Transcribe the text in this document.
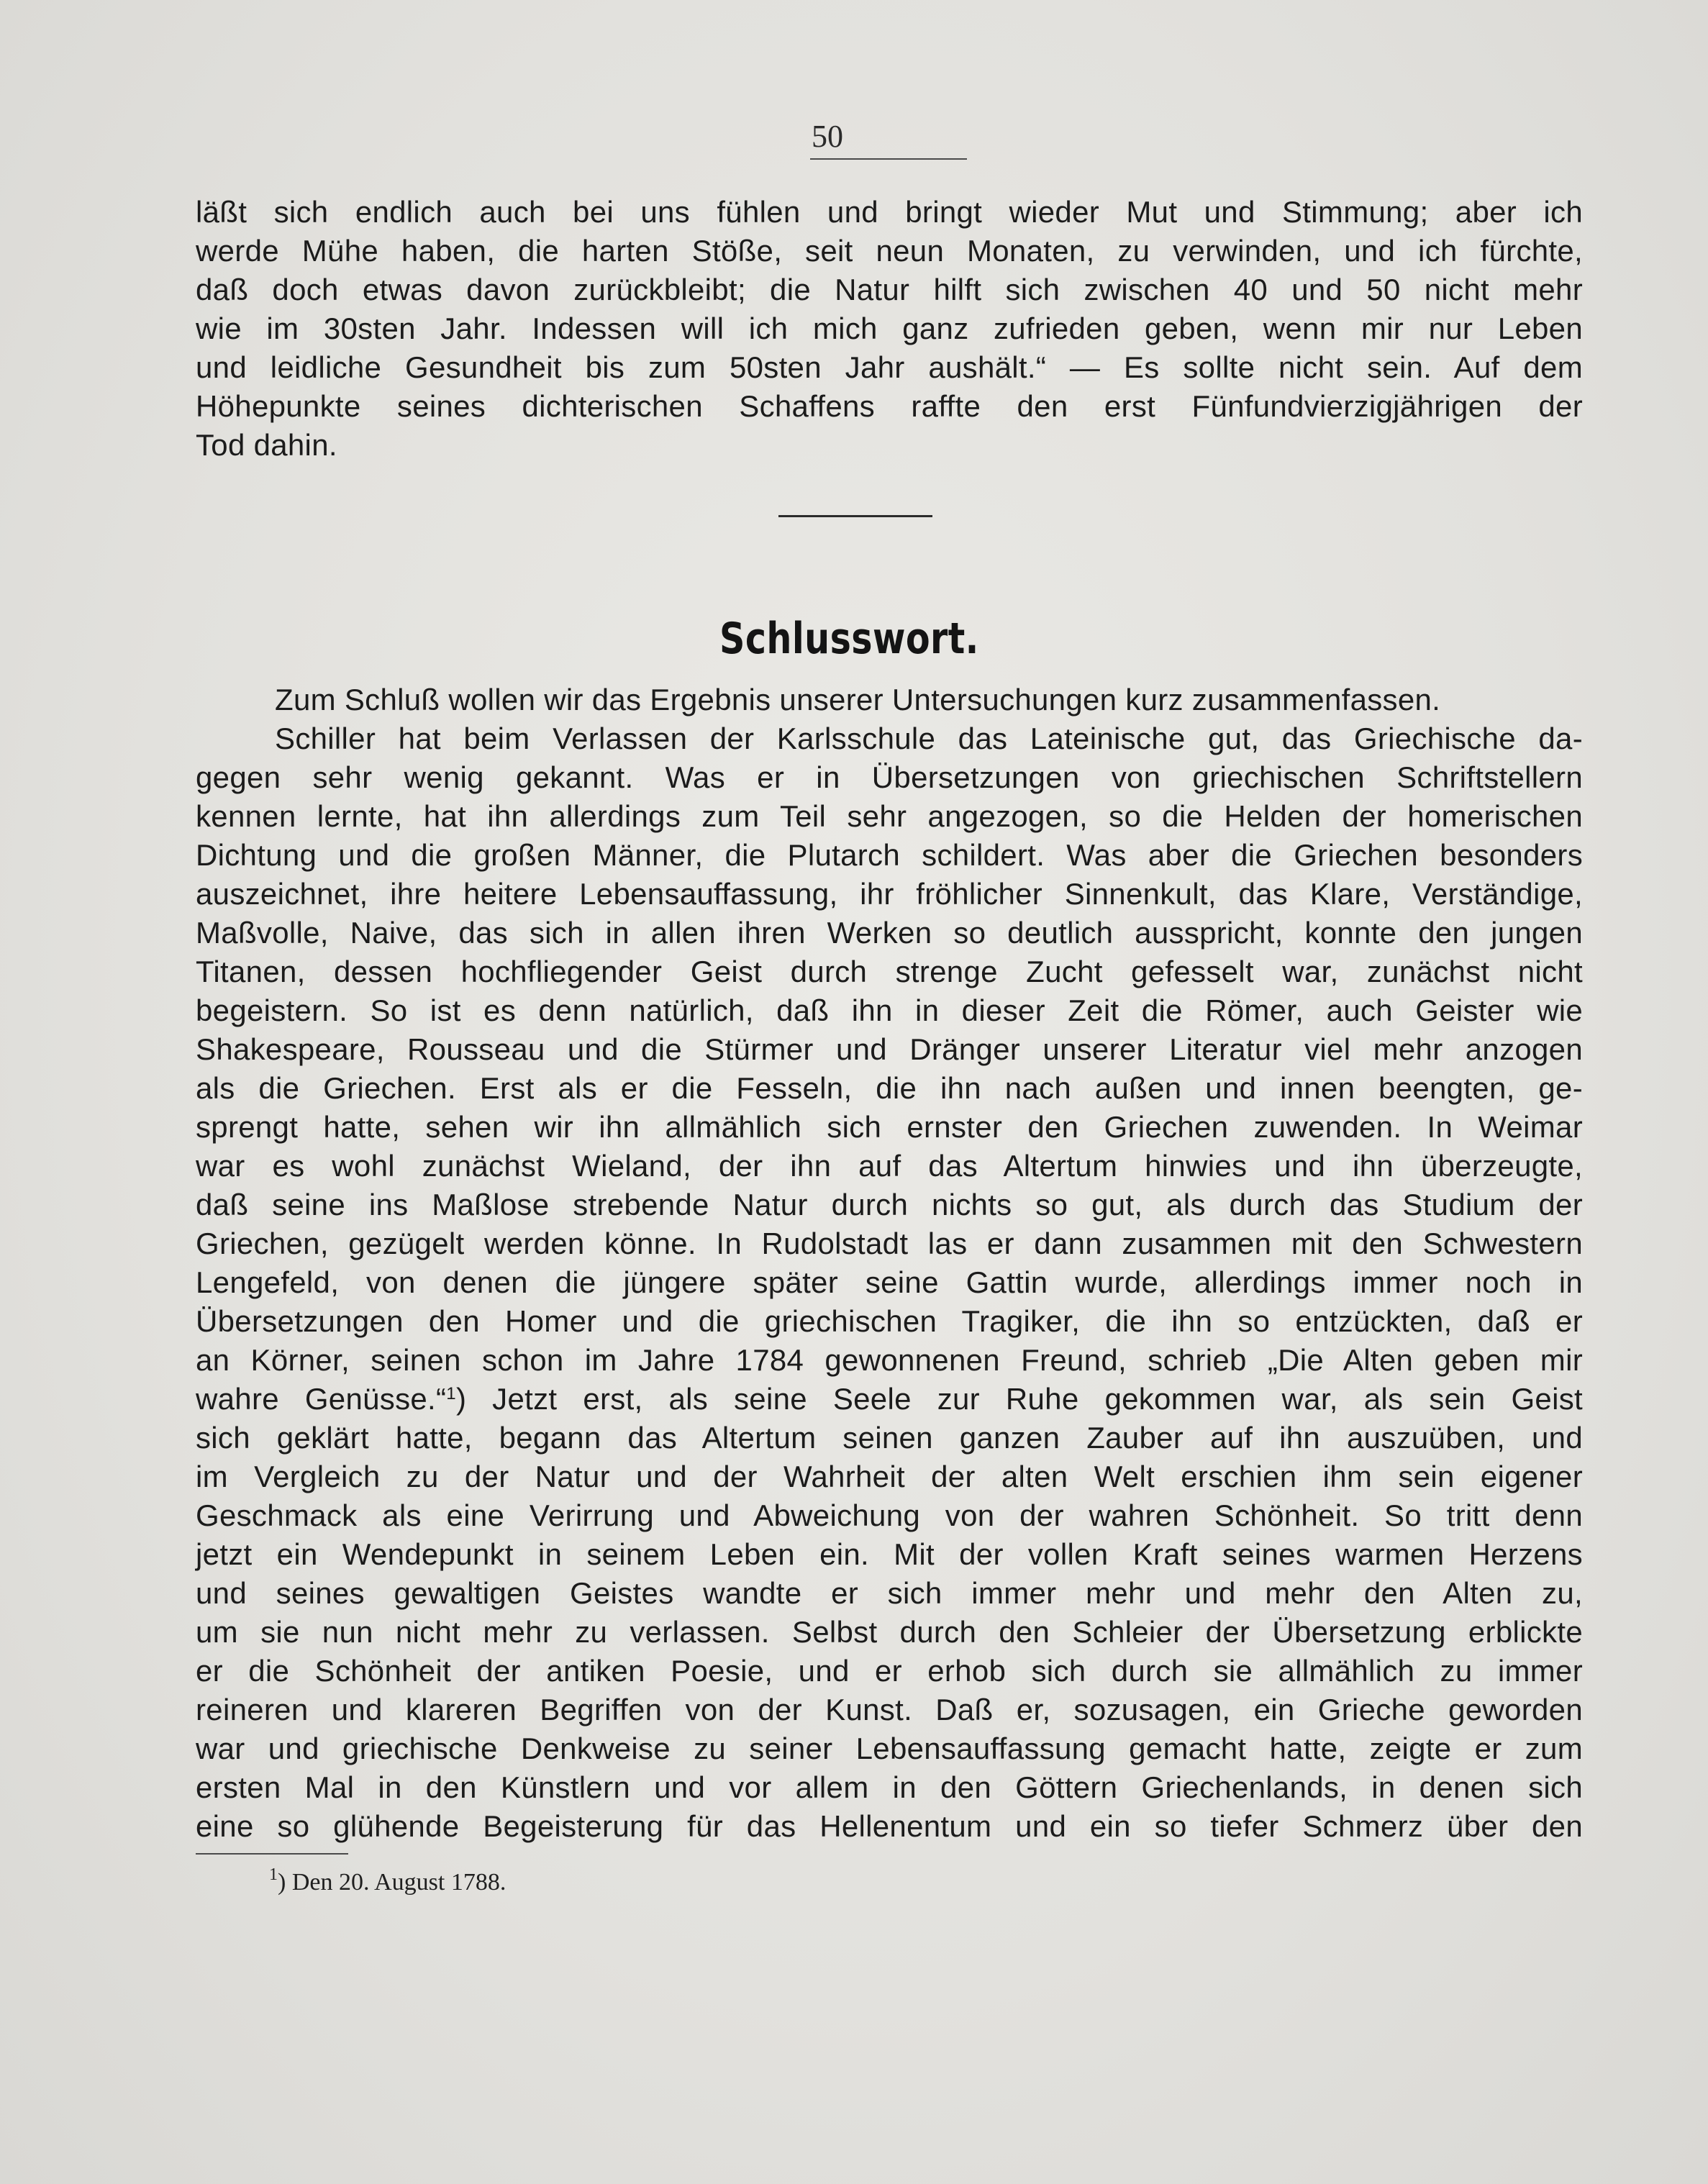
50
läßt sich endlich auch bei uns fühlen und bringt wieder Mut und Stimmung; aber ich
werde Mühe haben, die harten Stöße, seit neun Monaten, zu verwinden, und ich fürchte,
daß doch etwas davon zurückbleibt; die Natur hilft sich zwischen 40 und 50 nicht mehr
wie im 30sten Jahr. Indessen will ich mich ganz zufrieden geben, wenn mir nur Leben
und leidliche Gesundheit bis zum 50sten Jahr aushält.“ — Es sollte nicht sein. Auf dem
Höhepunkte seines dichterischen Schaffens raffte den erst Fünfundvierzigjährigen der
Tod dahin.
Schlusswort.
Zum Schluß wollen wir das Ergebnis unserer Untersuchungen kurz zusammenfassen.
Schiller hat beim Verlassen der Karlsschule das Lateinische gut, das Griechische da-
gegen sehr wenig gekannt. Was er in Übersetzungen von griechischen Schriftstellern
kennen lernte, hat ihn allerdings zum Teil sehr angezogen, so die Helden der homerischen
Dichtung und die großen Männer, die Plutarch schildert. Was aber die Griechen besonders
auszeichnet, ihre heitere Lebensauffassung, ihr fröhlicher Sinnenkult, das Klare, Verständige,
Maßvolle, Naive, das sich in allen ihren Werken so deutlich ausspricht, konnte den jungen
Titanen, dessen hochfliegender Geist durch strenge Zucht gefesselt war, zunächst nicht
begeistern. So ist es denn natürlich, daß ihn in dieser Zeit die Römer, auch Geister wie
Shakespeare, Rousseau und die Stürmer und Dränger unserer Literatur viel mehr anzogen
als die Griechen. Erst als er die Fesseln, die ihn nach außen und innen beengten, ge-
sprengt hatte, sehen wir ihn allmählich sich ernster den Griechen zuwenden. In Weimar
war es wohl zunächst Wieland, der ihn auf das Altertum hinwies und ihn überzeugte,
daß seine ins Maßlose strebende Natur durch nichts so gut, als durch das Studium der
Griechen, gezügelt werden könne. In Rudolstadt las er dann zusammen mit den Schwestern
Lengefeld, von denen die jüngere später seine Gattin wurde, allerdings immer noch in
Übersetzungen den Homer und die griechischen Tragiker, die ihn so entzückten, daß er
an Körner, seinen schon im Jahre 1784 gewonnenen Freund, schrieb „Die Alten geben mir
wahre Genüsse.“$^1$) Jetzt erst, als seine Seele zur Ruhe gekommen war, als sein Geist
sich geklärt hatte, begann das Altertum seinen ganzen Zauber auf ihn auszuüben, und
im Vergleich zu der Natur und der Wahrheit der alten Welt erschien ihm sein eigener
Geschmack als eine Verirrung und Abweichung von der wahren Schönheit. So tritt denn
jetzt ein Wendepunkt in seinem Leben ein. Mit der vollen Kraft seines warmen Herzens
und seines gewaltigen Geistes wandte er sich immer mehr und mehr den Alten zu,
um sie nun nicht mehr zu verlassen. Selbst durch den Schleier der Übersetzung erblickte
er die Schönheit der antiken Poesie, und er erhob sich durch sie allmählich zu immer
reineren und klareren Begriffen von der Kunst. Daß er, sozusagen, ein Grieche geworden
war und griechische Denkweise zu seiner Lebensauffassung gemacht hatte, zeigte er zum
ersten Mal in den Künstlern und vor allem in den Göttern Griechenlands, in denen sich
eine so glühende Begeisterung für das Hellenentum und ein so tiefer Schmerz über den
$^1$) Den 20. August 1788.
